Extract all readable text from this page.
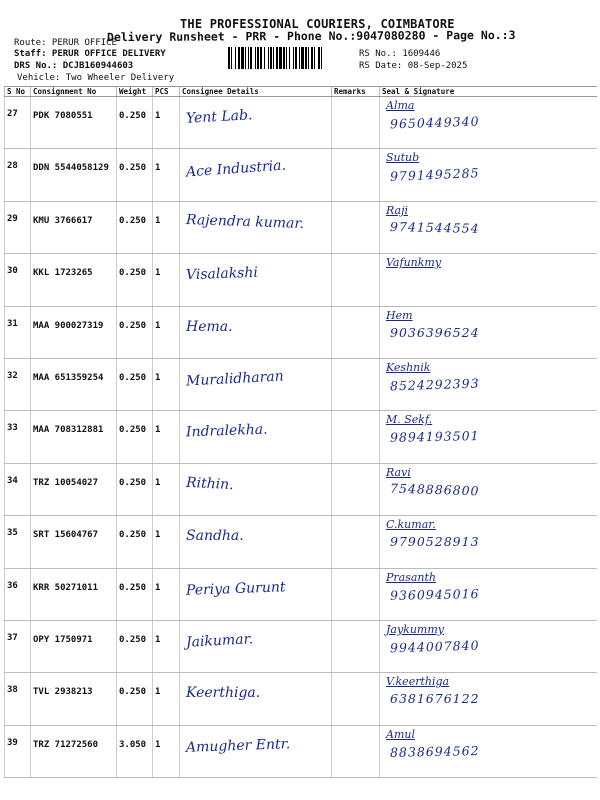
THE PROFESSIONAL COURIERS, COIMBATORE
Delivery Runsheet - PRR - Phone No.:9047080280 - Page No.:3
Route: PERUR OFFICE
Staff: PERUR OFFICE DELIVERY
DRS No.: DCJB160944603
Vehicle: Two Wheeler Delivery
RS No.: 1609446
RS Date: 08-Sep-2025
S No	Consignment No	Weight	PCS	Consignee Details	Remarks	Seal & Signature
27	PDK 7080551	0.250	1	Yent Lab.		Alma
9650449340

28	DDN 5544058129	0.250	1	Ace Industria.		Sutub
9791495285

29	KMU 3766617	0.250	1	Rajendra kumar.		Raji
9741544554

30	KKL 1723265	0.250	1	Visalakshi		Vafunkmy

31	MAA 900027319	0.250	1	Hema.		Hem
9036396524

32	MAA 651359254	0.250	1	Muralidharan		Keshnik
8524292393

33	MAA 708312881	0.250	1	Indralekha.		M. Sekf.
9894193501

34	TRZ 10054027	0.250	1	Rithin.		Ravi
7548886800

35	SRT 15604767	0.250	1	Sandha.		C.kumar.
9790528913

36	KRR 50271011	0.250	1	Periya Gurunt		Prasanth
9360945016

37	OPY 1750971	0.250	1	Jaikumar.		Jaykummy
9944007840

38	TVL 2938213	0.250	1	Keerthiga.		V.keerthiga
6381676122

39	TRZ 71272560	3.050	1	Amugher Entr.		Amul
8838694562
